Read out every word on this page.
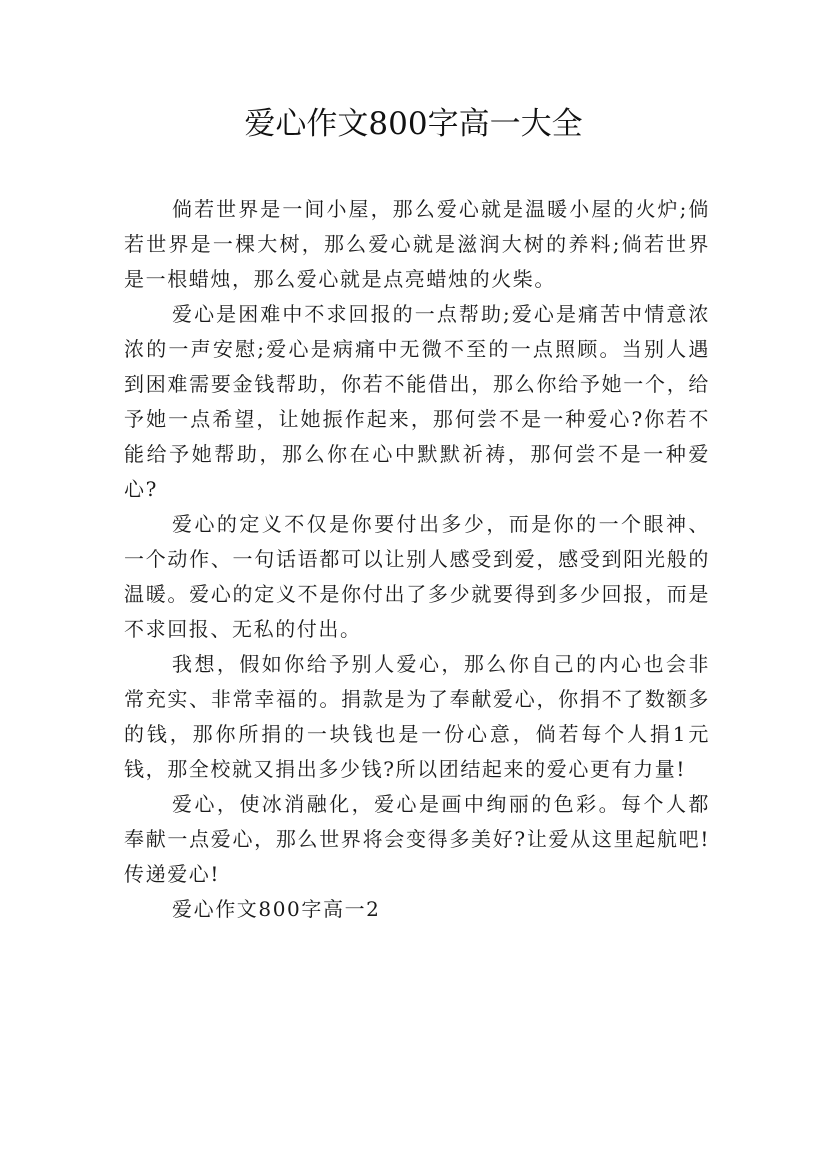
爱心作文800字高一大全

倘若世界是一间小屋，那么爱心就是温暖小屋的火炉;倘若世界是一棵大树，那么爱心就是滋润大树的养料;倘若世界是一根蜡烛，那么爱心就是点亮蜡烛的火柴。

爱心是困难中不求回报的一点帮助;爱心是痛苦中情意浓浓的一声安慰;爱心是病痛中无微不至的一点照顾。当别人遇到困难需要金钱帮助，你若不能借出，那么你给予她一个，给予她一点希望，让她振作起来，那何尝不是一种爱心?你若不能给予她帮助，那么你在心中默默祈祷，那何尝不是一种爱心?

爱心的定义不仅是你要付出多少，而是你的一个眼神、一个动作、一句话语都可以让别人感受到爱，感受到阳光般的温暖。爱心的定义不是你付出了多少就要得到多少回报，而是不求回报、无私的付出。

我想，假如你给予别人爱心，那么你自己的内心也会非常充实、非常幸福的。捐款是为了奉献爱心，你捐不了数额多的钱，那你所捐的一块钱也是一份心意，倘若每个人捐1元钱，那全校就又捐出多少钱?所以团结起来的爱心更有力量!

爱心，使冰消融化，爱心是画中绚丽的色彩。每个人都奉献一点爱心，那么世界将会变得多美好?让爱从这里起航吧!传递爱心!

爱心作文800字高一2
